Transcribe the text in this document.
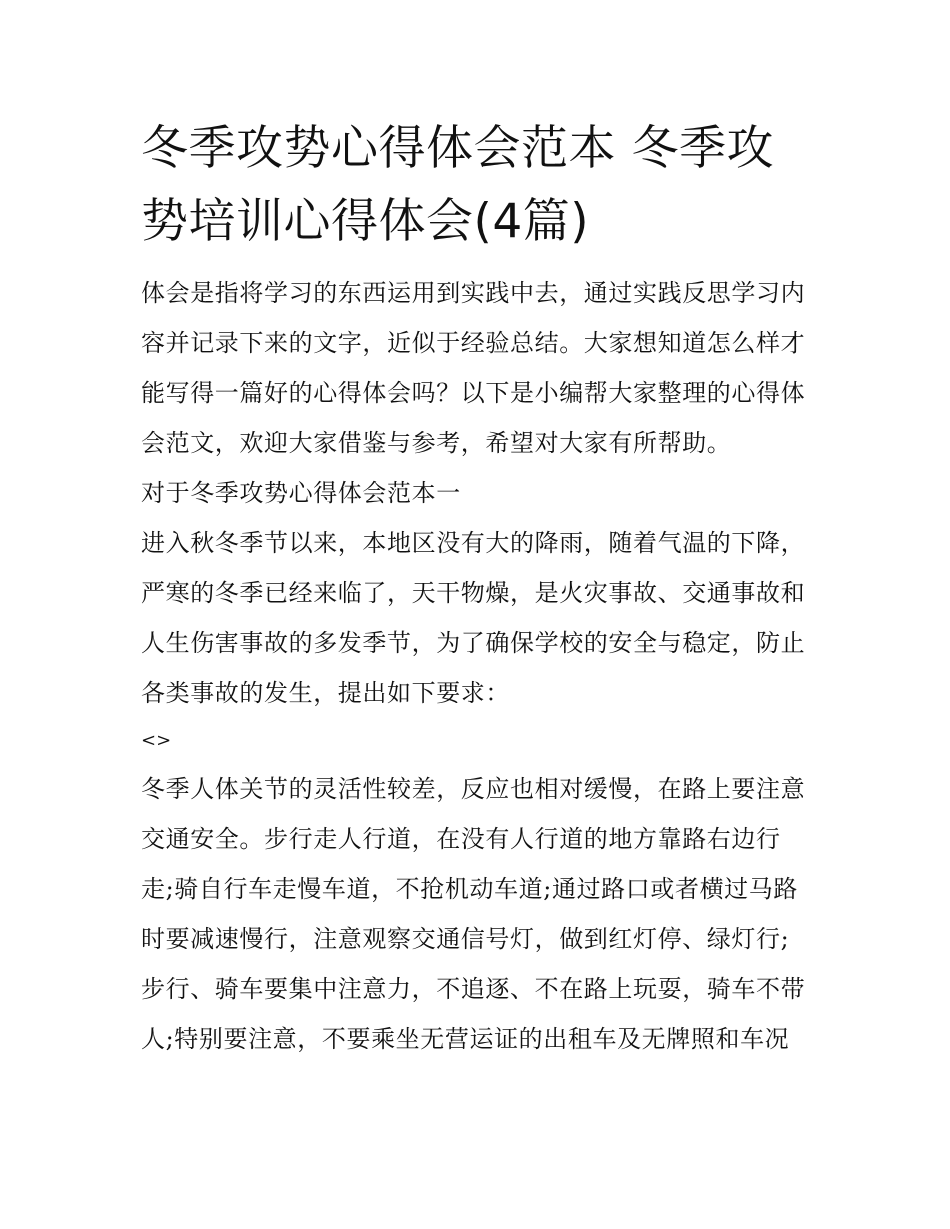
冬季攻势心得体会范本 冬季攻势培训心得体会(4篇)

体会是指将学习的东西运用到实践中去，通过实践反思学习内容并记录下来的文字，近似于经验总结。大家想知道怎么样才能写得一篇好的心得体会吗？以下是小编帮大家整理的心得体会范文，欢迎大家借鉴与参考，希望对大家有所帮助。

对于冬季攻势心得体会范本一

进入秋冬季节以来，本地区没有大的降雨，随着气温的下降，严寒的冬季已经来临了，天干物燥，是火灾事故、交通事故和人生伤害事故的多发季节，为了确保学校的安全与稳定，防止各类事故的发生，提出如下要求：

<>

冬季人体关节的灵活性较差，反应也相对缓慢，在路上要注意交通安全。步行走人行道，在没有人行道的地方靠路右边行走;骑自行车走慢车道，不抢机动车道;通过路口或者横过马路时要减速慢行，注意观察交通信号灯，做到红灯停、绿灯行;步行、骑车要集中注意力，不追逐、不在路上玩耍，骑车不带人;特别要注意，不要乘坐无营运证的出租车及无牌照和车况
